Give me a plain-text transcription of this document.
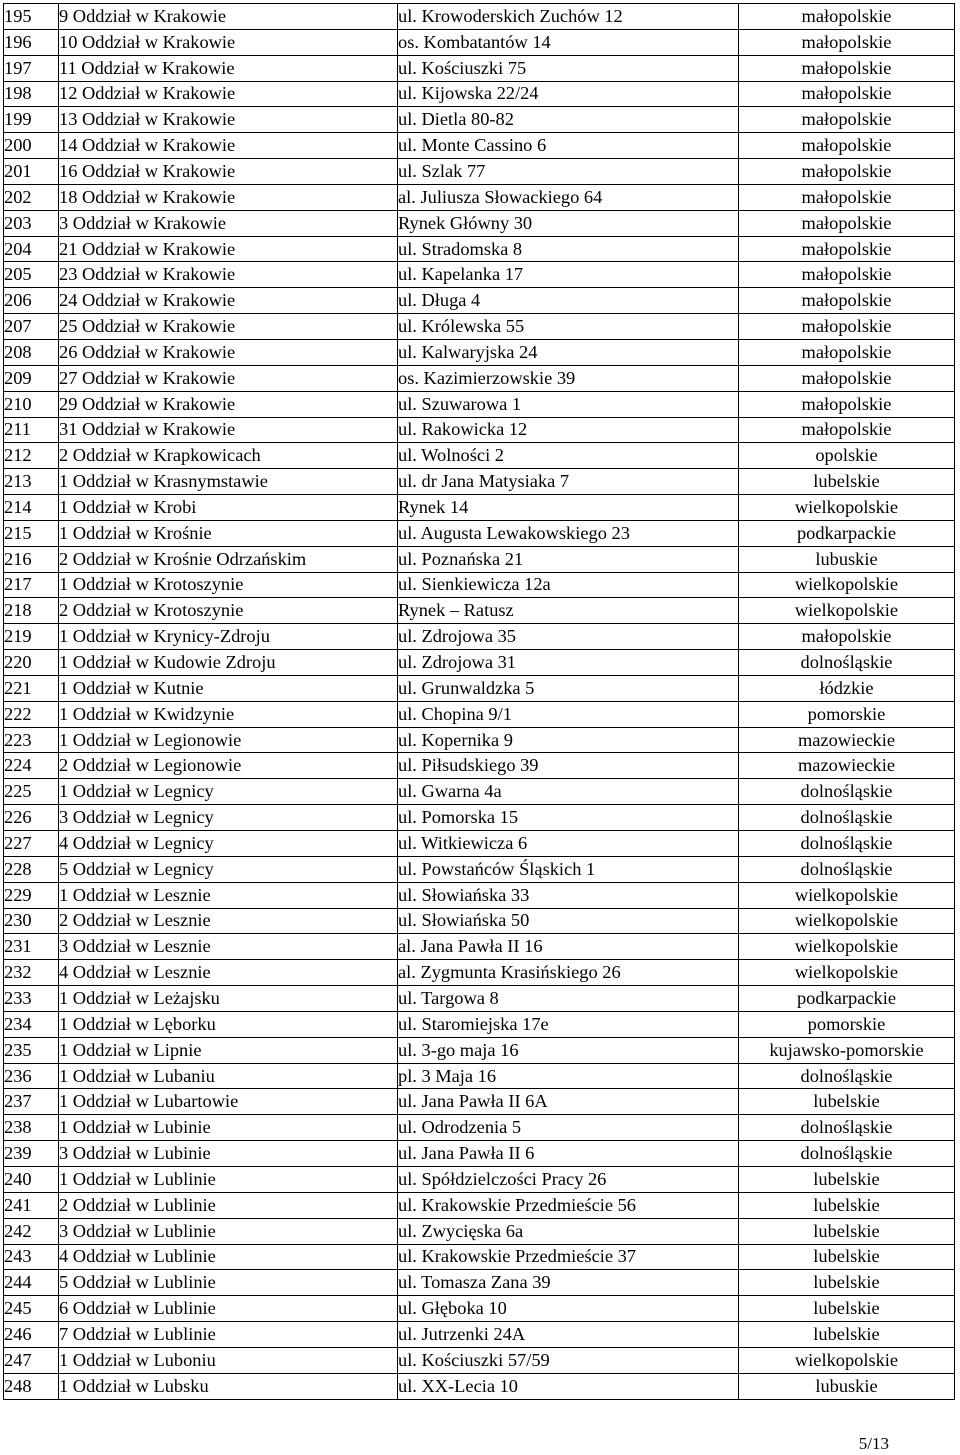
195	9 Oddział w Krakowie	ul. Krowoderskich Zuchów 12	małopolskie
196	10 Oddział w Krakowie	os. Kombatantów 14	małopolskie
197	11 Oddział w Krakowie	ul. Kościuszki 75	małopolskie
198	12 Oddział w Krakowie	ul. Kijowska 22/24	małopolskie
199	13 Oddział w Krakowie	ul. Dietla 80-82	małopolskie
200	14 Oddział w Krakowie	ul. Monte Cassino 6	małopolskie
201	16 Oddział w Krakowie	ul. Szlak 77	małopolskie
202	18 Oddział w Krakowie	al. Juliusza Słowackiego 64	małopolskie
203	3 Oddział w Krakowie	Rynek Główny 30	małopolskie
204	21 Oddział w Krakowie	ul. Stradomska 8	małopolskie
205	23 Oddział w Krakowie	ul. Kapelanka 17	małopolskie
206	24 Oddział w Krakowie	ul. Długa 4	małopolskie
207	25 Oddział w Krakowie	ul. Królewska 55	małopolskie
208	26 Oddział w Krakowie	ul. Kalwaryjska 24	małopolskie
209	27 Oddział w Krakowie	os. Kazimierzowskie 39	małopolskie
210	29 Oddział w Krakowie	ul. Szuwarowa 1	małopolskie
211	31 Oddział w Krakowie	ul. Rakowicka 12	małopolskie
212	2 Oddział w Krapkowicach	ul. Wolności 2	opolskie
213	1 Oddział w Krasnymstawie	ul. dr Jana Matysiaka 7	lubelskie
214	1 Oddział w Krobi	Rynek 14	wielkopolskie
215	1 Oddział w Krośnie	ul. Augusta Lewakowskiego 23	podkarpackie
216	2 Oddział w Krośnie Odrzańskim	ul. Poznańska 21	lubuskie
217	1 Oddział w Krotoszynie	ul. Sienkiewicza 12a	wielkopolskie
218	2 Oddział w Krotoszynie	Rynek – Ratusz	wielkopolskie
219	1 Oddział w Krynicy-Zdroju	ul. Zdrojowa 35	małopolskie
220	1 Oddział w Kudowie Zdroju	ul. Zdrojowa 31	dolnośląskie
221	1 Oddział w Kutnie	ul. Grunwaldzka 5	łódzkie
222	1 Oddział w Kwidzynie	ul. Chopina 9/1	pomorskie
223	1 Oddział w Legionowie	ul. Kopernika 9	mazowieckie
224	2 Oddział w Legionowie	ul. Piłsudskiego 39	mazowieckie
225	1 Oddział w Legnicy	ul. Gwarna 4a	dolnośląskie
226	3 Oddział w Legnicy	ul. Pomorska 15	dolnośląskie
227	4 Oddział w Legnicy	ul. Witkiewicza 6	dolnośląskie
228	5 Oddział w Legnicy	ul. Powstańców Śląskich 1	dolnośląskie
229	1 Oddział w Lesznie	ul. Słowiańska 33	wielkopolskie
230	2 Oddział w Lesznie	ul. Słowiańska 50	wielkopolskie
231	3 Oddział w Lesznie	al. Jana Pawła II 16	wielkopolskie
232	4 Oddział w Lesznie	al. Zygmunta Krasińskiego 26	wielkopolskie
233	1 Oddział w Leżajsku	ul. Targowa 8	podkarpackie
234	1 Oddział w Lęborku	ul. Staromiejska 17e	pomorskie
235	1 Oddział w Lipnie	ul. 3-go maja 16	kujawsko-pomorskie
236	1 Oddział w Lubaniu	pl. 3 Maja 16	dolnośląskie
237	1 Oddział w Lubartowie	ul. Jana Pawła II 6A	lubelskie
238	1 Oddział w Lubinie	ul. Odrodzenia 5	dolnośląskie
239	3 Oddział w Lubinie	ul. Jana Pawła II 6	dolnośląskie
240	1 Oddział w Lublinie	ul. Spółdzielczości Pracy 26	lubelskie
241	2 Oddział w Lublinie	ul. Krakowskie Przedmieście 56	lubelskie
242	3 Oddział w Lublinie	ul. Zwycięska 6a	lubelskie
243	4 Oddział w Lublinie	ul. Krakowskie Przedmieście 37	lubelskie
244	5 Oddział w Lublinie	ul. Tomasza Zana 39	lubelskie
245	6 Oddział w Lublinie	ul. Głęboka 10	lubelskie
246	7 Oddział w Lublinie	ul. Jutrzenki 24A	lubelskie
247	1 Oddział w Luboniu	ul. Kościuszki 57/59	wielkopolskie
248	1 Oddział w Lubsku	ul. XX-Lecia 10	lubuskie
5/13
